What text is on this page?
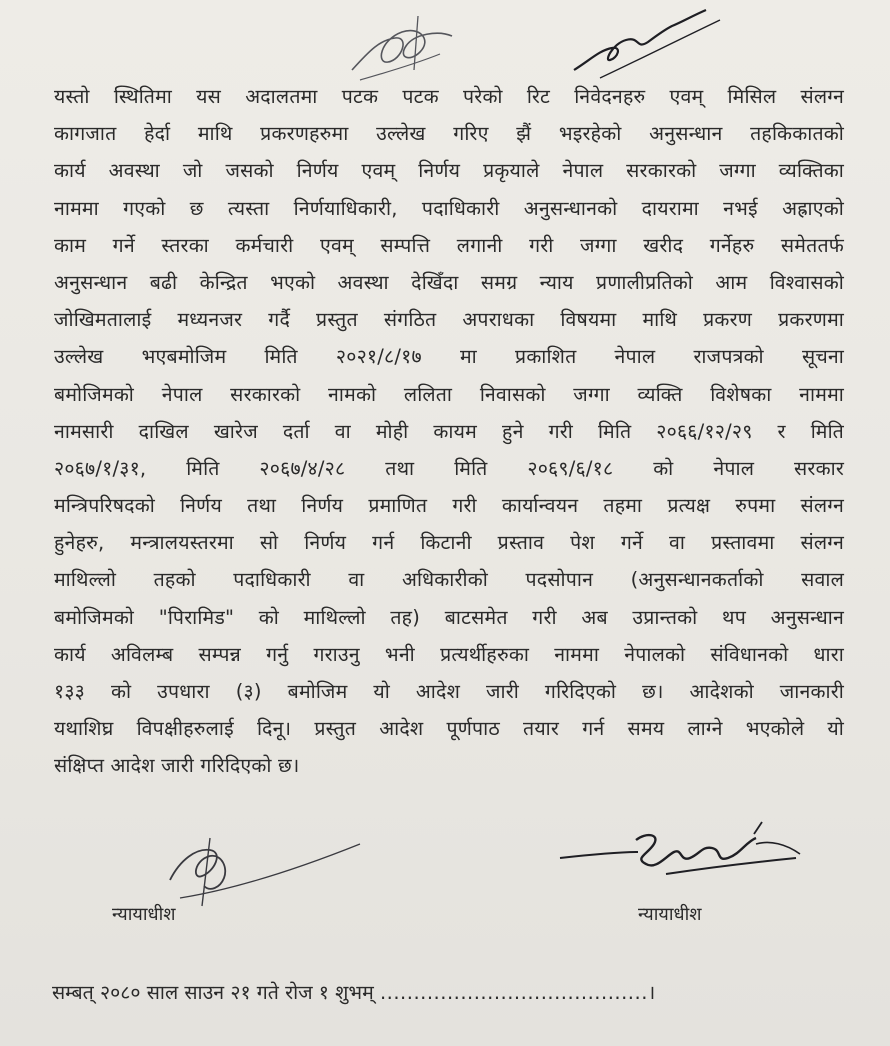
यस्तो स्थितिमा यस अदालतमा पटक पटक परेको रिट निवेदनहरु एवम् मिसिल संलग्न
कागजात हेर्दा माथि प्रकरणहरुमा उल्लेख गरिए झैं भइरहेको अनुसन्धान तहकिकातको
कार्य अवस्था जो जसको निर्णय एवम् निर्णय प्रकृयाले नेपाल सरकारको जग्गा व्यक्तिका
नाममा गएको छ त्यस्ता निर्णयाधिकारी, पदाधिकारी अनुसन्धानको दायरामा नभई अह्राएको
काम गर्ने स्तरका कर्मचारी एवम् सम्पत्ति लगानी गरी जग्गा खरीद गर्नेहरु समेततर्फ
अनुसन्धान बढी केन्द्रित भएको अवस्था देखिँदा समग्र न्याय प्रणालीप्रतिको आम विश्वासको
जोखिमतालाई मध्यनजर गर्दै प्रस्तुत संगठित अपराधका विषयमा माथि प्रकरण प्रकरणमा
उल्लेख भएबमोजिम मिति २०२१/८/१७ मा प्रकाशित नेपाल राजपत्रको सूचना
बमोजिमको नेपाल सरकारको नामको ललिता निवासको जग्गा व्यक्ति विशेषका नाममा
नामसारी दाखिल खारेज दर्ता वा मोही कायम हुने गरी मिति २०६६/१२/२९ र मिति
२०६७/१/३१, मिति २०६७/४/२८ तथा मिति २०६९/६/१८ को नेपाल सरकार
मन्त्रिपरिषदको निर्णय तथा निर्णय प्रमाणित गरी कार्यान्वयन तहमा प्रत्यक्ष रुपमा संलग्न
हुनेहरु, मन्त्रालयस्तरमा सो निर्णय गर्न किटानी प्रस्ताव पेश गर्ने वा प्रस्तावमा संलग्न
माथिल्लो तहको पदाधिकारी वा अधिकारीको पदसोपान (अनुसन्धानकर्ताको सवाल
बमोजिमको "पिरामिड" को माथिल्लो तह) बाटसमेत गरी अब उप्रान्तको थप अनुसन्धान
कार्य अविलम्ब सम्पन्न गर्नु गराउनु भनी प्रत्यर्थीहरुका नाममा नेपालको संविधानको धारा
१३३ को उपधारा (३) बमोजिम यो आदेश जारी गरिदिएको छ। आदेशको जानकारी
यथाशिघ्र विपक्षीहरुलाई दिनू। प्रस्तुत आदेश पूर्णपाठ तयार गर्न समय लाग्ने भएकोले यो
संक्षिप्त आदेश जारी गरिदिएको छ।
न्यायाधीश	न्यायाधीश
सम्बत् २०८० साल साउन २१ गते रोज १ शुभम् ........................................।
